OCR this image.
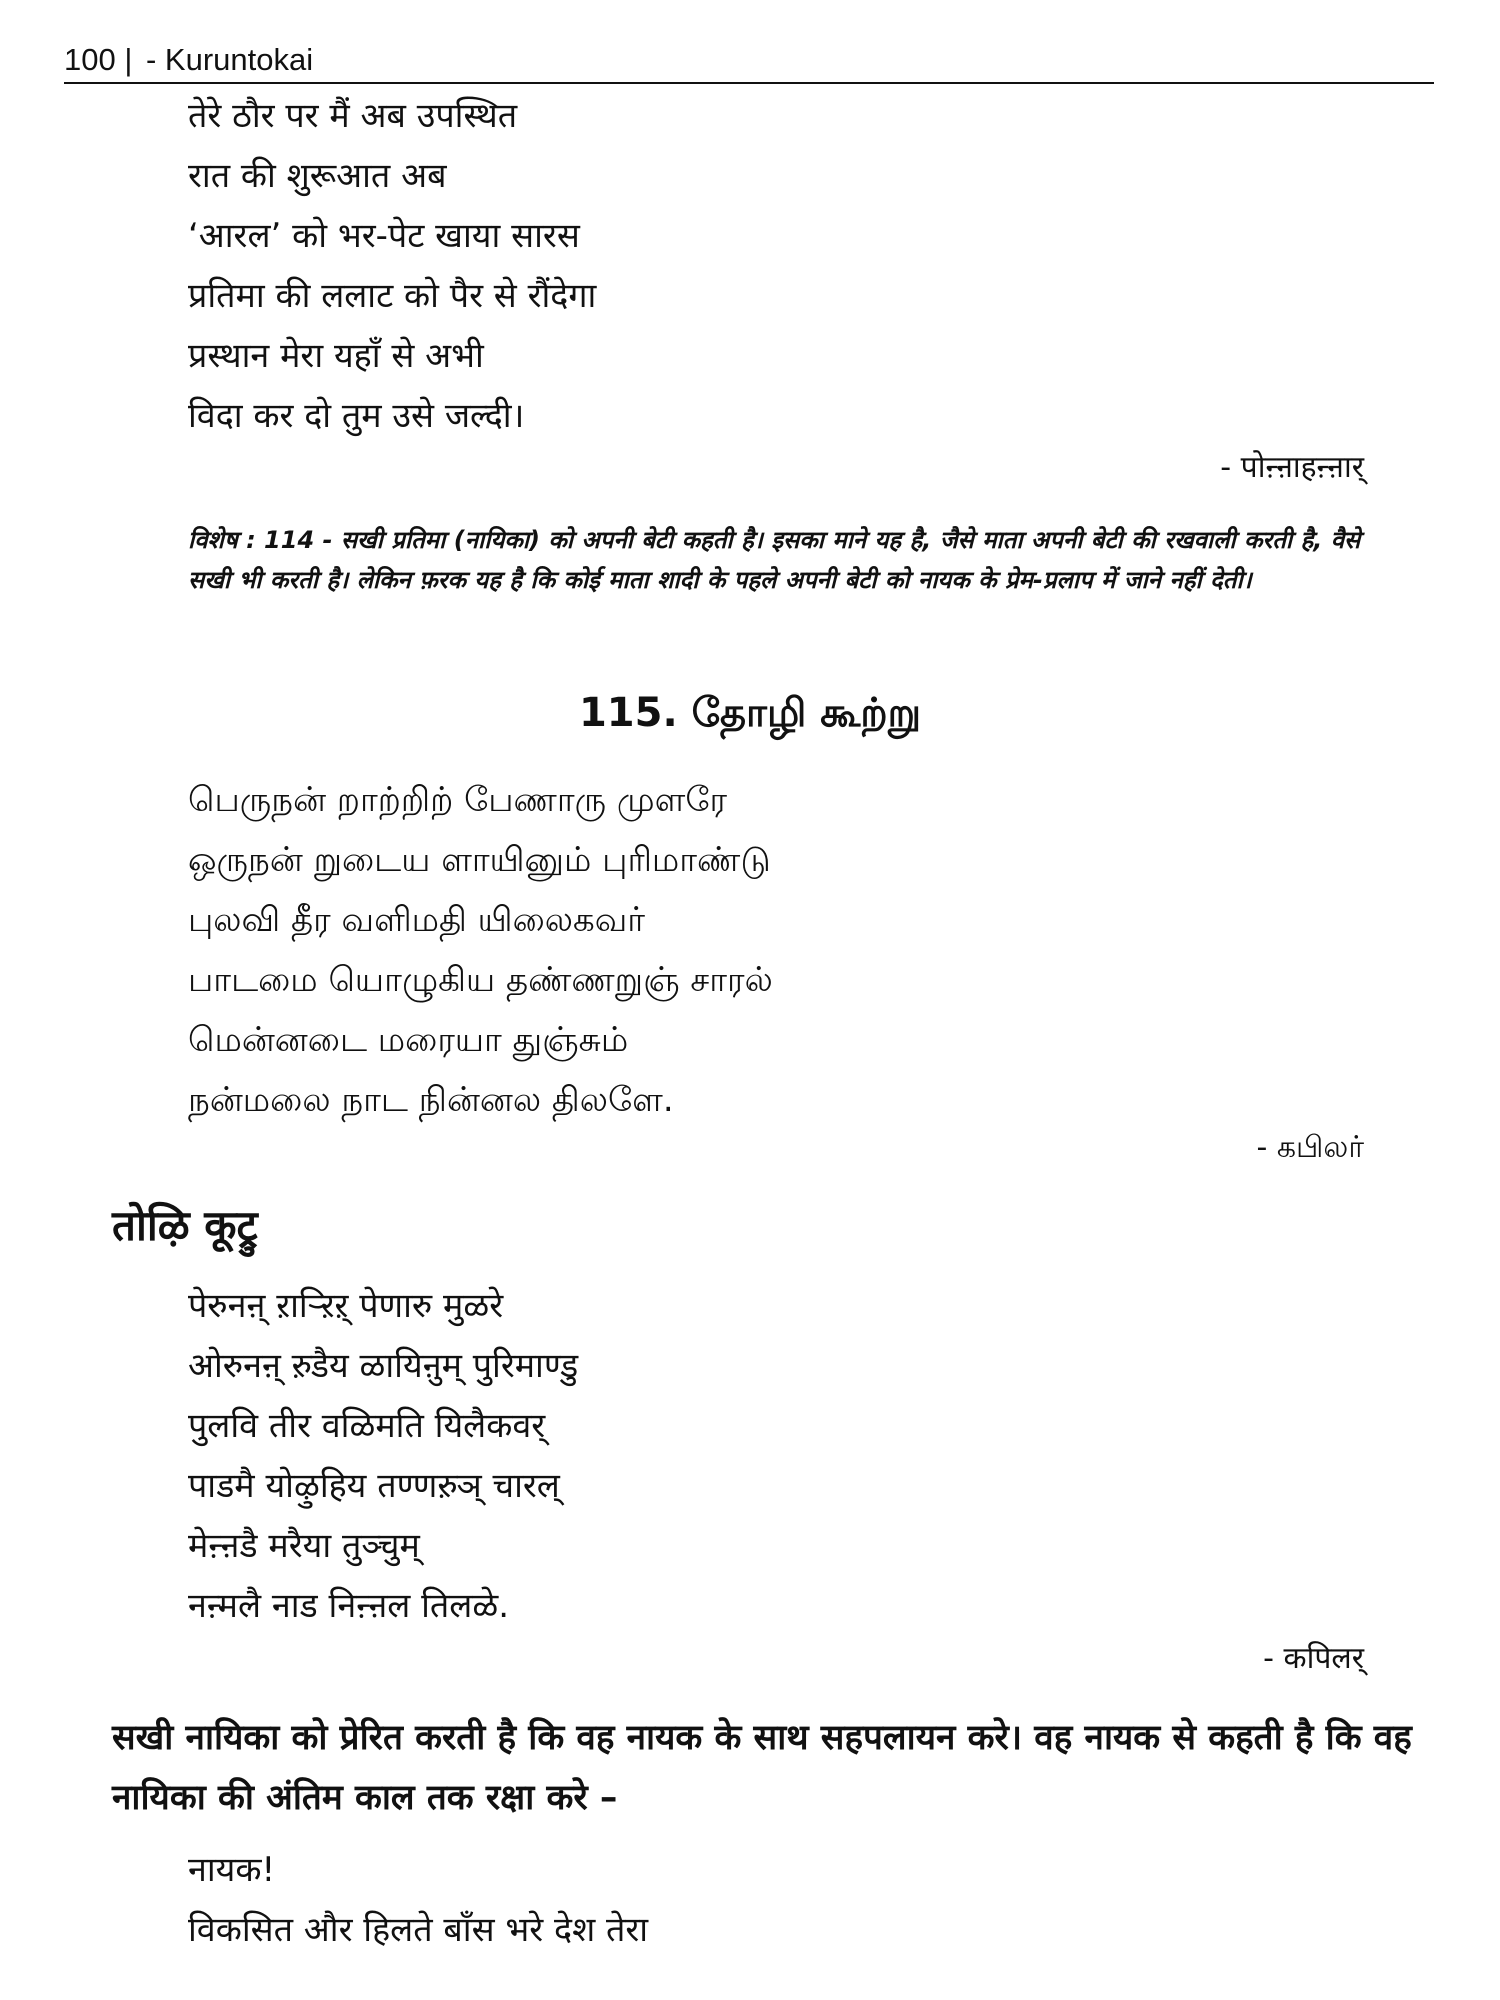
100 | - Kuruntokai
तेरे ठौर पर मैं अब उपस्थित
रात की शुरूआत अब
‘आरल’ को भर-पेट खाया सारस
प्रतिमा की ललाट को पैर से रौंदेगा
प्रस्थान मेरा यहाँ से अभी
विदा कर दो तुम उसे जल्दी।
- पोऩ्ऩाहऩ्ऩार्
विशेष : 114 - सखी प्रतिमा (नायिका) को अपनी बेटी कहती है। इसका माने यह है, जैसे माता अपनी बेटी की रखवाली करती है, वैसे सखी भी करती है। लेकिन फ़रक यह है कि कोई माता शादी के पहले अपनी बेटी को नायक के प्रेम-प्रलाप में जाने नहीं देती।
115. தோழி கூற்று
பெருநன் றாற்றிற் பேணாரு முளரே
ஒருநன் றுடைய ளாயினும் புரிமாண்டு
புலவி தீர வளிமதி யிலைகவர்
பாடமை யொழுகிய தண்ணறுஞ் சாரல்
மென்னடை மரையா துஞ்சும்
நன்மலை நாட நின்னல திலளே.
- கபிலர்
तोऴि कूट्रु
पेरुनऩ् ऱाऱ्ऱिऱ् पेणारु मुळरे
ओरुनऩ् ऱुडैय ळायिऩुम् पुरिमाण्डु
पुलवि तीर वळिमति यिलैकवर्
पाडमै योऴुहिय तण्णऱुञ् चारल्
मेऩ्ऩडै मरैया तुञ्चुम्
नऩ्मलै नाड निऩ्ऩल तिलळे.
- कपिलर्
सखी नायिका को प्रेरित करती है कि वह नायक के साथ सहपलायन करे। वह नायक से कहती है कि वह नायिका की अंतिम काल तक रक्षा करे –
नायक!
विकसित और हिलते बाँस भरे देश तेरा
